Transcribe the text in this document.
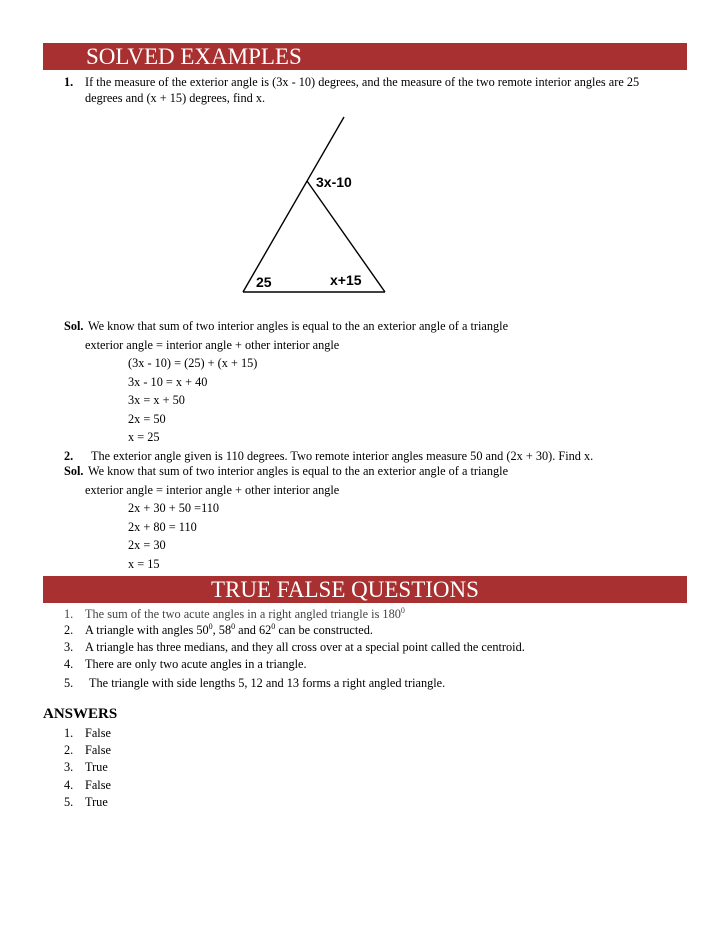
SOLVED EXAMPLES
1. If the measure of the exterior angle is (3x - 10) degrees, and the measure of the two remote interior angles are 25
degrees and (x + 15) degrees, find x.
3x-10
25	x+15
Sol. We know that sum of two interior angles is equal to the an exterior angle of a triangle
exterior angle = interior angle + other interior angle
(3x - 10) = (25) + (x + 15)
3x - 10 = x + 40
3x = x + 50
2x = 50
x = 25
2. The exterior angle given is 110 degrees. Two remote interior angles measure 50 and (2x + 30). Find x.
Sol. We know that sum of two interior angles is equal to the an exterior angle of a triangle
exterior angle = interior angle + other interior angle
2x + 30 + 50 =110
2x + 80 = 110
2x = 30
x = 15
TRUE FALSE QUESTIONS
1. The sum of the two acute angles in a right angled triangle is $180^0$
2. A triangle with angles $50^0$, $58^0$ and $62^0$ can be constructed.
3. A triangle has three medians, and they all cross over at a special point called the centroid.
4. There are only two acute angles in a triangle.
5. The triangle with side lengths 5, 12 and 13 forms a right angled triangle.
ANSWERS
1. False
2. False
3. True
4. False
5. True
